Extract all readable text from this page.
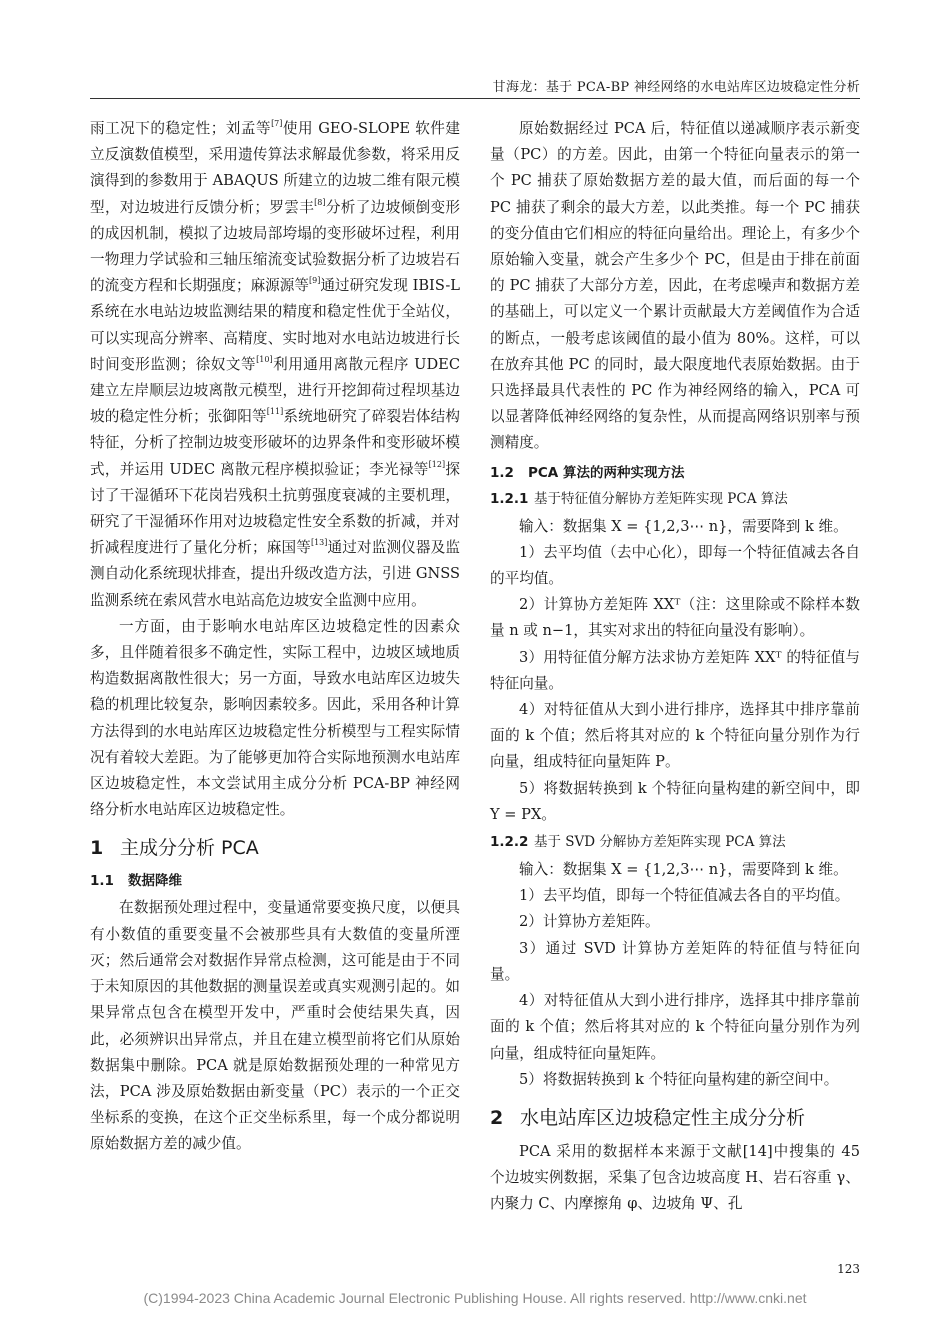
甘海龙：基于 PCA-BP 神经网络的水电站库区边坡稳定性分析

雨工况下的稳定性；刘孟等[7]使用 GEO-SLOPE 软件建立反演数值模型，采用遗传算法求解最优参数，将采用反演得到的参数用于 ABAQUS 所建立的边坡二维有限元模型，对边坡进行反馈分析；罗雲丰[8]分析了边坡倾倒变形的成因机制，模拟了边坡局部垮塌的变形破坏过程，利用一物理力学试验和三轴压缩流变试验数据分析了边坡岩石的流变方程和长期强度；麻源源等[9]通过研究发现 IBIS-L 系统在水电站边坡监测结果的精度和稳定性优于全站仪，可以实现高分辨率、高精度、实时地对水电站边坡进行长时间变形监测；徐奴文等[10]利用通用离散元程序 UDEC 建立左岸顺层边坡离散元模型，进行开挖卸荷过程坝基边坡的稳定性分析；张御阳等[11]系统地研究了碎裂岩体结构特征，分析了控制边坡变形破坏的边界条件和变形破坏模式，并运用 UDEC 离散元程序模拟验证；李光禄等[12]探讨了干湿循环下花岗岩残积土抗剪强度衰减的主要机理，研究了干湿循环作用对边坡稳定性安全系数的折减，并对折减程度进行了量化分析；麻国等[13]通过对监测仪器及监测自动化系统现状排查，提出升级改造方法，引进 GNSS 监测系统在索风营水电站高危边坡安全监测中应用。

一方面，由于影响水电站库区边坡稳定性的因素众多，且伴随着很多不确定性，实际工程中，边坡区域地质构造数据离散性很大；另一方面，导致水电站库区边坡失稳的机理比较复杂，影响因素较多。因此，采用各种计算方法得到的水电站库区边坡稳定性分析模型与工程实际情况有着较大差距。为了能够更加符合实际地预测水电站库区边坡稳定性，本文尝试用主成分分析 PCA-BP 神经网络分析水电站库区边坡稳定性。

1 主成分分析 PCA
1.1 数据降维

在数据预处理过程中，变量通常要变换尺度，以便具有小数值的重要变量不会被那些具有大数值的变量所湮灭；然后通常会对数据作异常点检测，这可能是由于不同于未知原因的其他数据的测量误差或真实观测引起的。如果异常点包含在模型开发中，严重时会使结果失真，因此，必须辨识出异常点，并且在建立模型前将它们从原始数据集中删除。PCA 就是原始数据预处理的一种常见方法，PCA 涉及原始数据由新变量（PC）表示的一个正交坐标系的变换，在这个正交坐标系里，每一个成分都说明原始数据方差的减少值。

原始数据经过 PCA 后，特征值以递减顺序表示新变量（PC）的方差。因此，由第一个特征向量表示的第一个 PC 捕获了原始数据方差的最大值，而后面的每一个 PC 捕获了剩余的最大方差，以此类推。每一个 PC 捕获的变分值由它们相应的特征向量给出。理论上，有多少个原始输入变量，就会产生多少个 PC，但是由于排在前面的 PC 捕获了大部分方差，因此，在考虑噪声和数据方差的基础上，可以定义一个累计贡献最大方差阈值作为合适的断点，一般考虑该阈值的最小值为 80%。这样，可以在放弃其他 PC 的同时，最大限度地代表原始数据。由于只选择最具代表性的 PC 作为神经网络的输入，PCA 可以显著降低神经网络的复杂性，从而提高网络识别率与预测精度。

1.2 PCA 算法的两种实现方法
1.2.1 基于特征值分解协方差矩阵实现 PCA 算法

输入：数据集 X = {1,2,3⋯ n}，需要降到 k 维。

1）去平均值（去中心化），即每一个特征值减去各自的平均值。

2）计算协方差矩阵 XXᵀ（注：这里除或不除样本数量 n 或 n−1，其实对求出的特征向量没有影响）。

3）用特征值分解方法求协方差矩阵 XXᵀ 的特征值与特征向量。

4）对特征值从大到小进行排序，选择其中排序靠前面的 k 个值；然后将其对应的 k 个特征向量分别作为行向量，组成特征向量矩阵 P。

5）将数据转换到 k 个特征向量构建的新空间中，即 Y = PX。

1.2.2 基于 SVD 分解协方差矩阵实现 PCA 算法

输入：数据集 X = {1,2,3⋯ n}，需要降到 k 维。

1）去平均值，即每一个特征值减去各自的平均值。

2）计算协方差矩阵。

3）通过 SVD 计算协方差矩阵的特征值与特征向量。

4）对特征值从大到小进行排序，选择其中排序靠前面的 k 个值；然后将其对应的 k 个特征向量分别作为列向量，组成特征向量矩阵。

5）将数据转换到 k 个特征向量构建的新空间中。

2 水电站库区边坡稳定性主成分分析

PCA 采用的数据样本来源于文献[14]中搜集的 45 个边坡实例数据，采集了包含边坡高度 H、岩石容重 γ、内聚力 C、内摩擦角 φ、边坡角 Ψ、孔

123
(C)1994-2023 China Academic Journal Electronic Publishing House. All rights reserved. http://www.cnki.net
